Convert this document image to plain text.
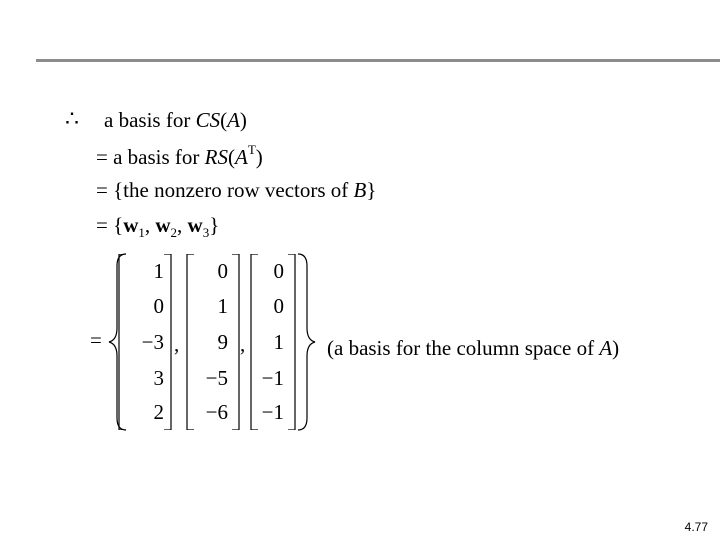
∴ a basis for CS(A)
= a basis for $RS(A^T)$
= {the nonzero row vectors of B}
= {$w_1$, $w_2$, $w_3$}
=
1
0
−3
3
2
,
0
1
9
−5
−6
,
0
0
1
−1
−1
(a basis for the column space of A)
4.77
